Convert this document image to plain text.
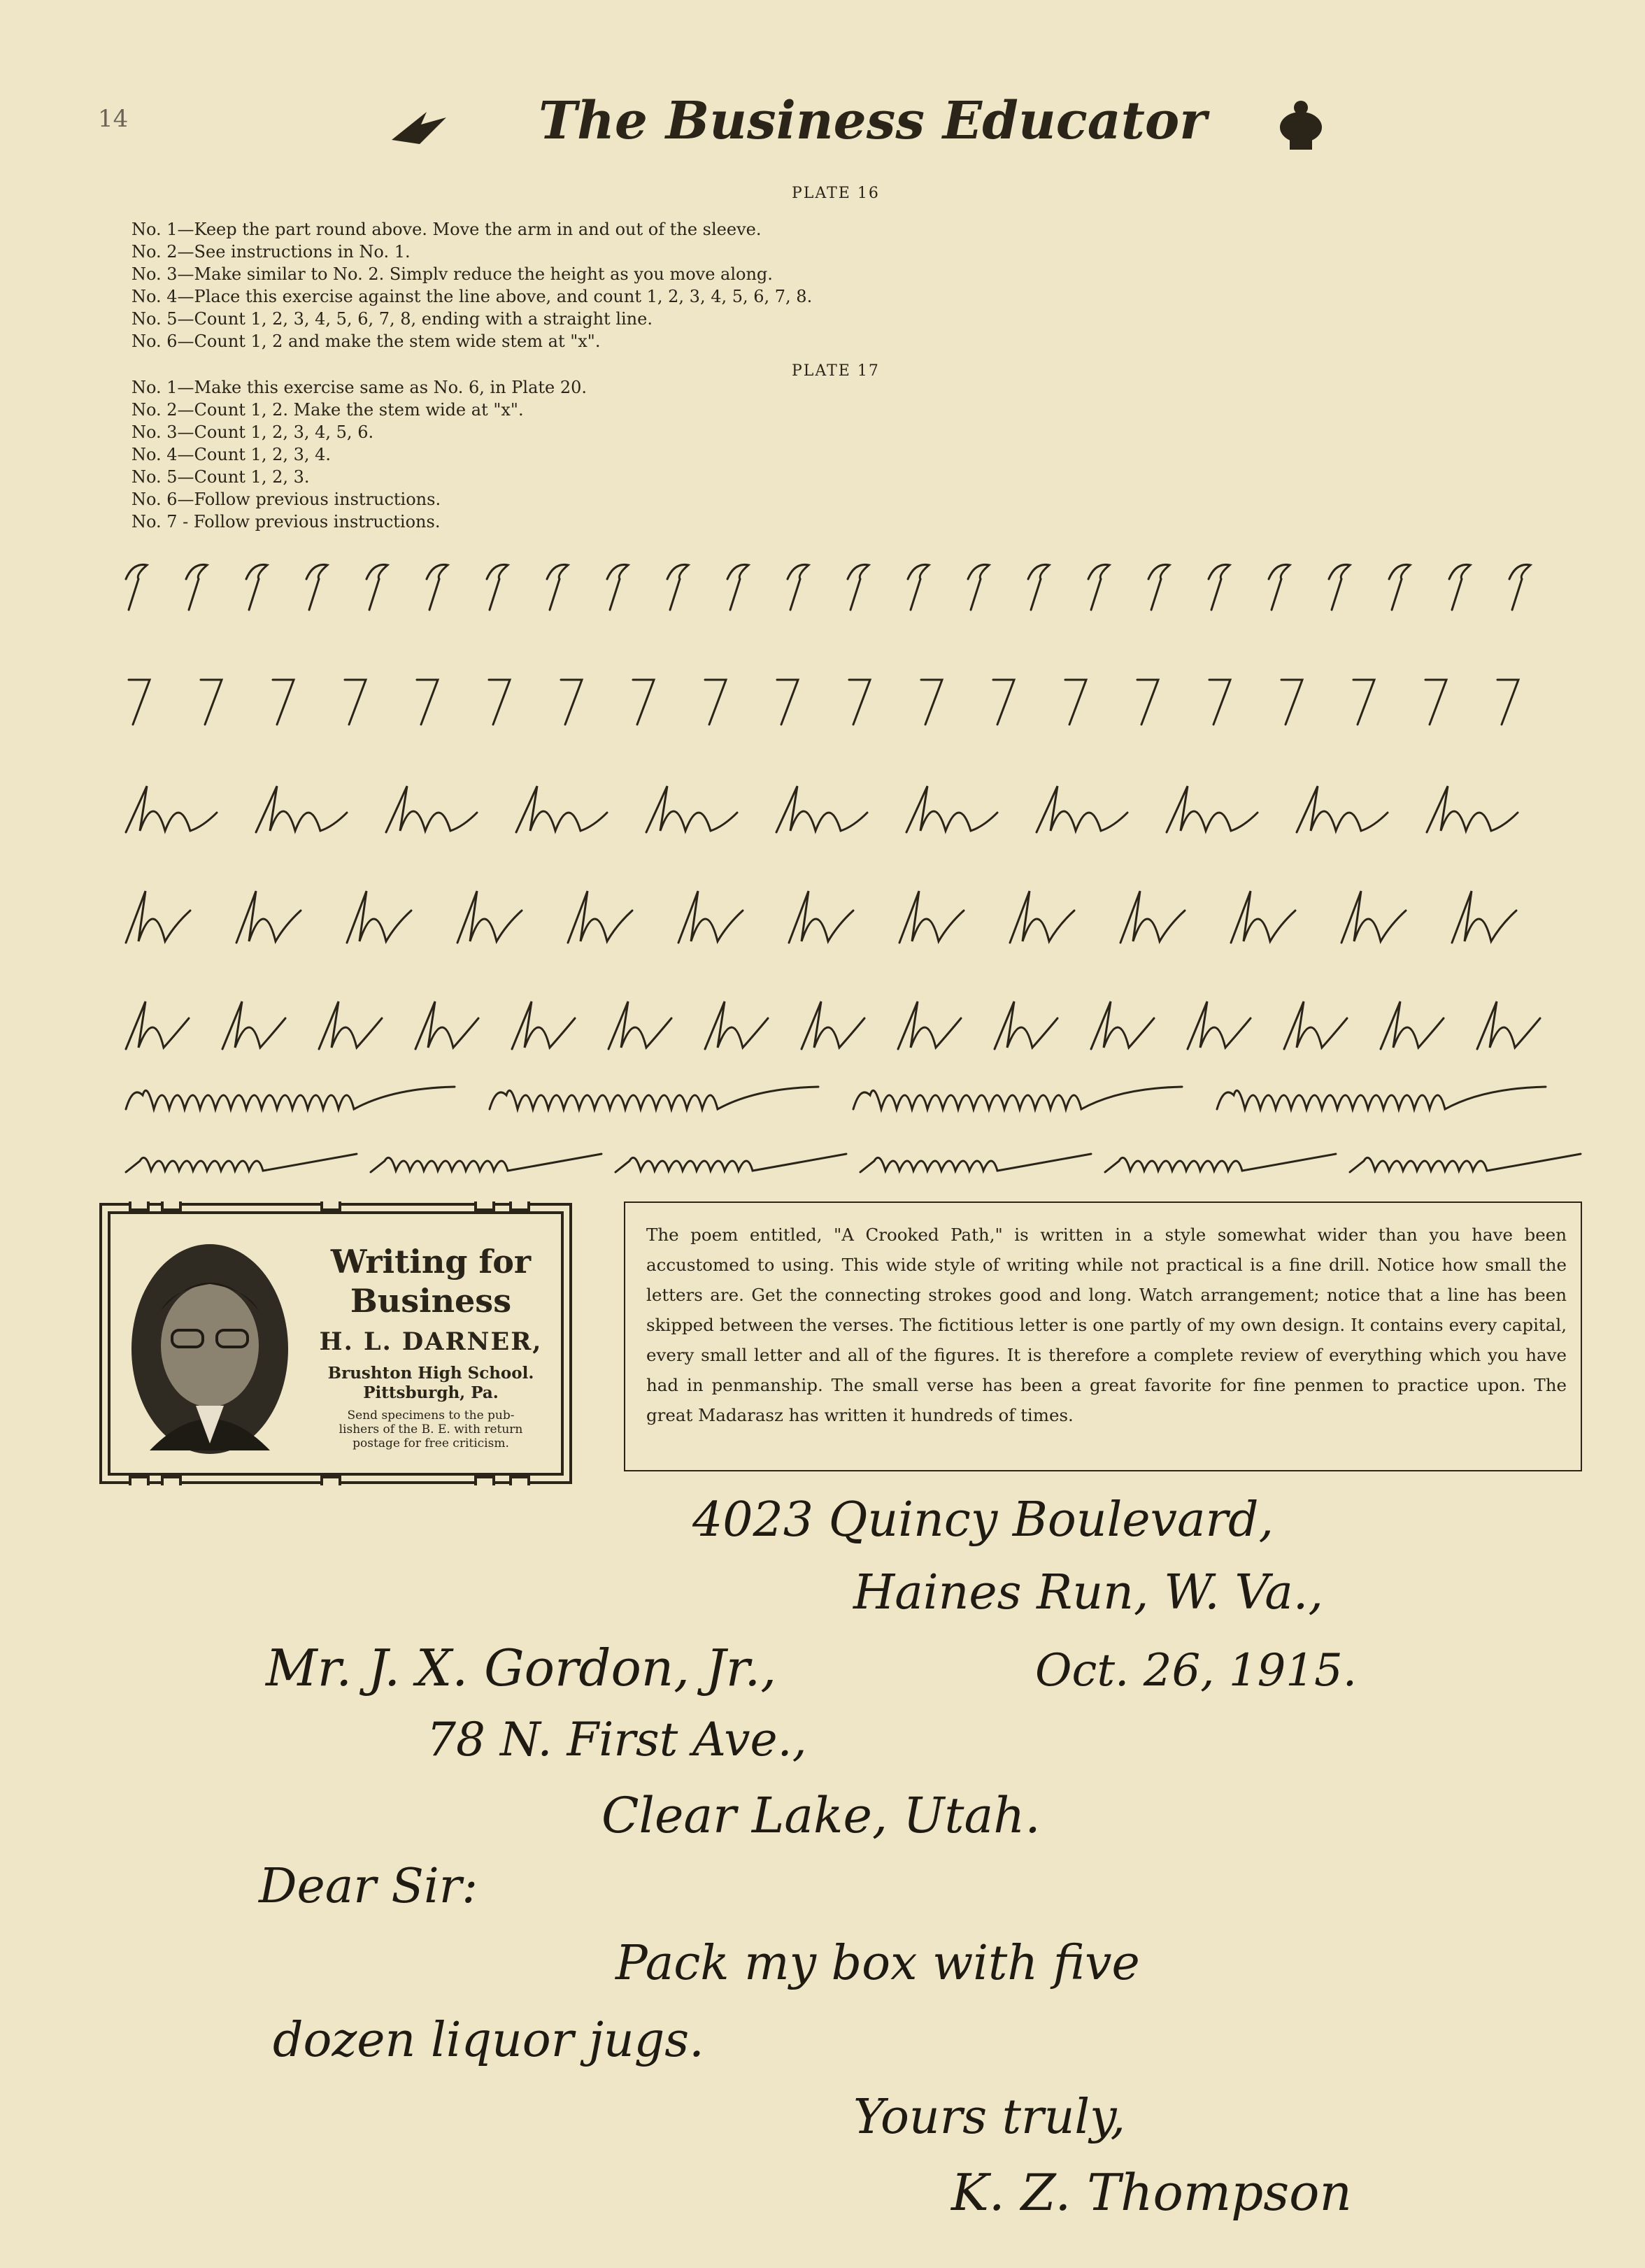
14	The Business Educator
PLATE 16
No. 1—Keep the part round above. Move the arm in and out of the sleeve.
No. 2—See instructions in No. 1.
No. 3—Make similar to No. 2. Simplv reduce the height as you move along.
No. 4—Place this exercise against the line above, and count 1, 2, 3, 4, 5, 6, 7, 8.
No. 5—Count 1, 2, 3, 4, 5, 6, 7, 8, ending with a straight line.
No. 6—Count 1, 2 and make the stem wide stem at "x".
PLATE 17
No. 1—Make this exercise same as No. 6, in Plate 20.
No. 2—Count 1, 2. Make the stem wide at "x".
No. 3—Count 1, 2, 3, 4, 5, 6.
No. 4—Count 1, 2, 3, 4.
No. 5—Count 1, 2, 3.
No. 6—Follow previous instructions.
No. 7 - Follow previous instructions.
Writing for
Business
H. L. DARNER,
Brushton High School.
Pittsburgh, Pa.
Send specimens to the pub-
lishers of the B. E. with return
postage for free criticism.
The poem entitled, "A Crooked Path," is written in a style somewhat wider than you have been accustomed to using. This wide style of writing while not practical is a fine drill. Notice how small the letters are. Get the connecting strokes good and long. Watch arrangement; notice that a line has been skipped between the verses. The fictitious letter is one partly of my own design. It contains every capital, every small letter and all of the figures. It is therefore a complete review of everything which you have had in penmanship. The small verse has been a great favorite for fine penmen to practice upon. The great Madarasz has written it hundreds of times.
4023 Quincy Boulevard,
Haines Run, W. Va.,
Mr. J. X. Gordon, Jr.,	Oct. 26, 1915.
78 N. First Ave.,
Clear Lake, Utah.
Dear Sir:
Pack my box with five
dozen liquor jugs.
Yours truly,
K. Z. Thompson
